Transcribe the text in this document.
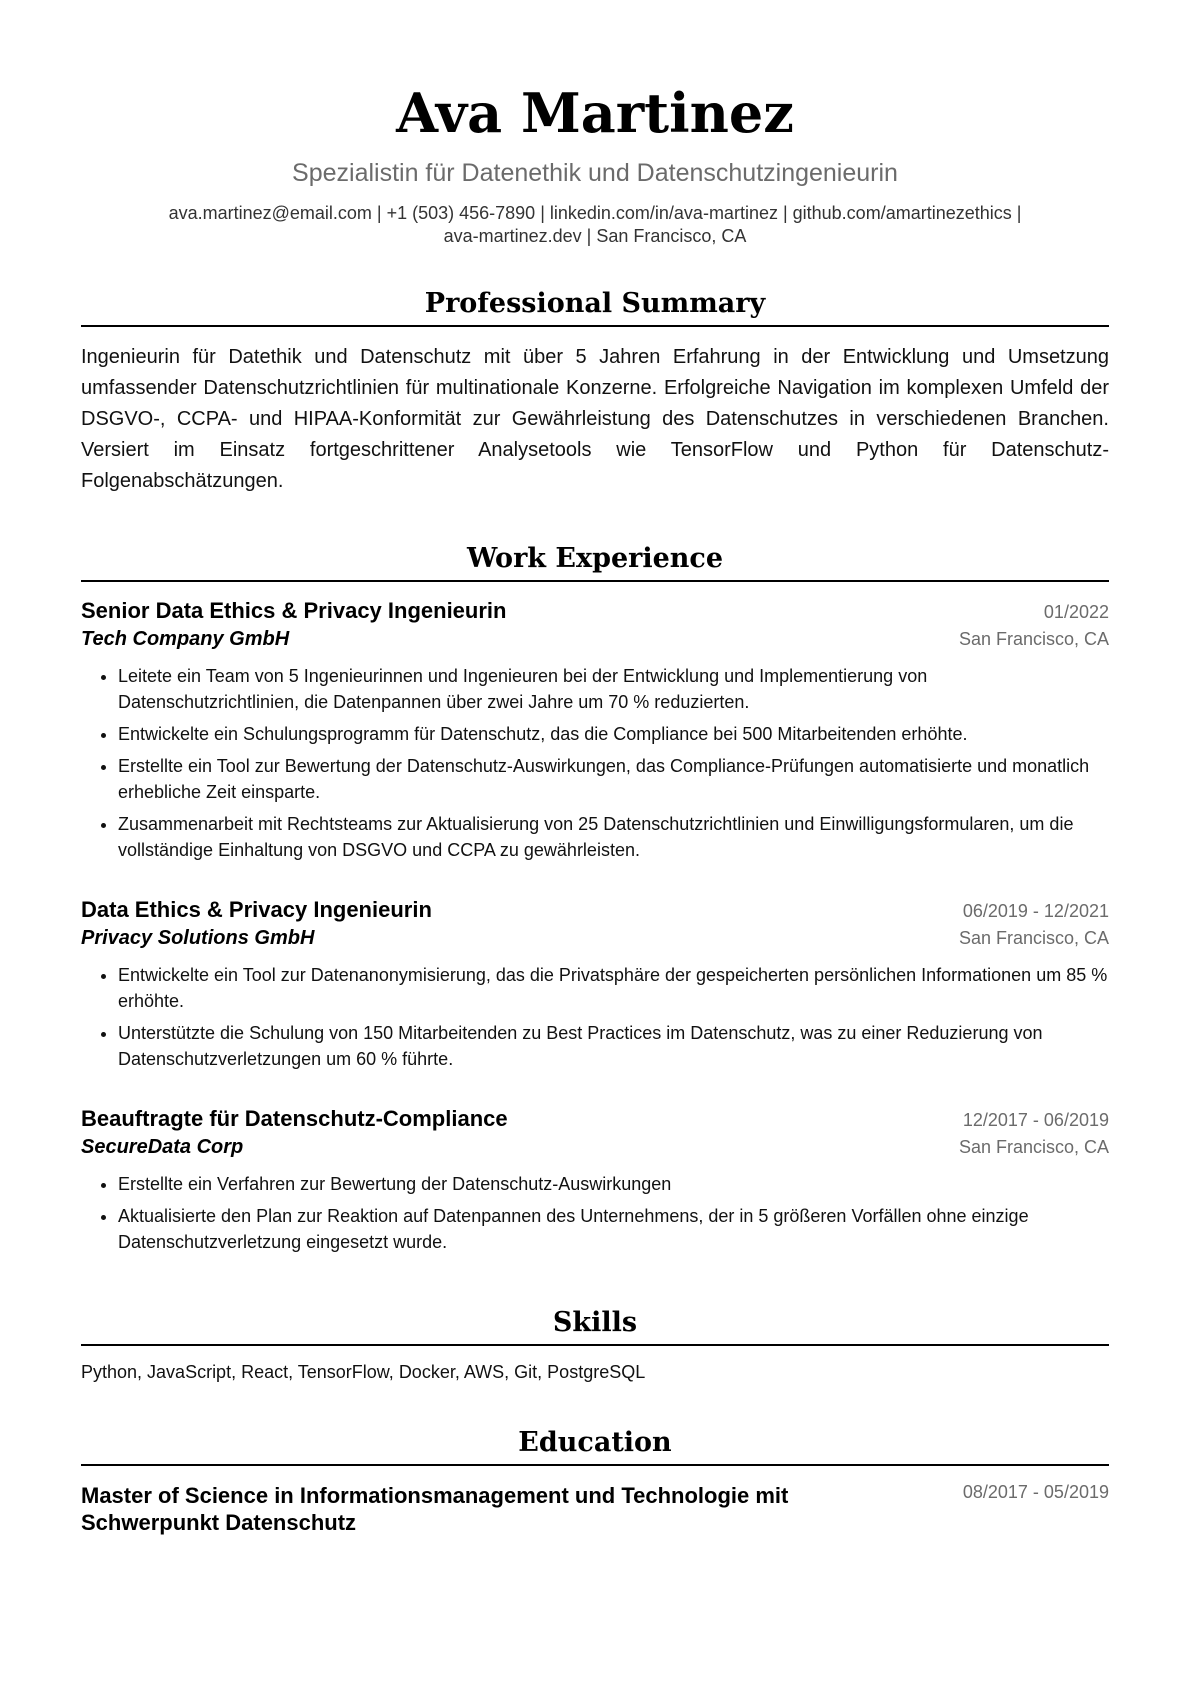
Ava Martinez
Spezialistin für Datenethik und Datenschutzingenieurin
ava.martinez@email.com | +1 (503) 456-7890 | linkedin.com/in/ava-martinez | github.com/amartinezethics |
ava-martinez.dev | San Francisco, CA
Professional Summary
Ingenieurin für Datethik und Datenschutz mit über 5 Jahren Erfahrung in der Entwicklung und Umsetzung umfassender Datenschutzrichtlinien für multinationale Konzerne. Erfolgreiche Navigation im komplexen Umfeld der DSGVO-, CCPA- und HIPAA-Konformität zur Gewährleistung des Datenschutzes in verschiedenen Branchen. Versiert im Einsatz fortgeschrittener Analysetools wie TensorFlow und Python für Datenschutz-Folgenabschätzungen.
Work Experience
Senior Data Ethics & Privacy Ingenieurin	01/2022
Tech Company GmbH	San Francisco, CA
• Leitete ein Team von 5 Ingenieurinnen und Ingenieuren bei der Entwicklung und Implementierung von Datenschutzrichtlinien, die Datenpannen über zwei Jahre um 70 % reduzierten.
• Entwickelte ein Schulungsprogramm für Datenschutz, das die Compliance bei 500 Mitarbeitenden erhöhte.
• Erstellte ein Tool zur Bewertung der Datenschutz-Auswirkungen, das Compliance-Prüfungen automatisierte und monatlich erhebliche Zeit einsparte.
• Zusammenarbeit mit Rechtsteams zur Aktualisierung von 25 Datenschutzrichtlinien und Einwilligungsformularen, um die vollständige Einhaltung von DSGVO und CCPA zu gewährleisten.
Data Ethics & Privacy Ingenieurin	06/2019 - 12/2021
Privacy Solutions GmbH	San Francisco, CA
• Entwickelte ein Tool zur Datenanonymisierung, das die Privatsphäre der gespeicherten persönlichen Informationen um 85 % erhöhte.
• Unterstützte die Schulung von 150 Mitarbeitenden zu Best Practices im Datenschutz, was zu einer Reduzierung von Datenschutzverletzungen um 60 % führte.
Beauftragte für Datenschutz-Compliance	12/2017 - 06/2019
SecureData Corp	San Francisco, CA
• Erstellte ein Verfahren zur Bewertung der Datenschutz-Auswirkungen
• Aktualisierte den Plan zur Reaktion auf Datenpannen des Unternehmens, der in 5 größeren Vorfällen ohne einzige Datenschutzverletzung eingesetzt wurde.
Skills
Python, JavaScript, React, TensorFlow, Docker, AWS, Git, PostgreSQL
Education
Master of Science in Informationsmanagement und Technologie mit Schwerpunkt Datenschutz
08/2017 - 05/2019
